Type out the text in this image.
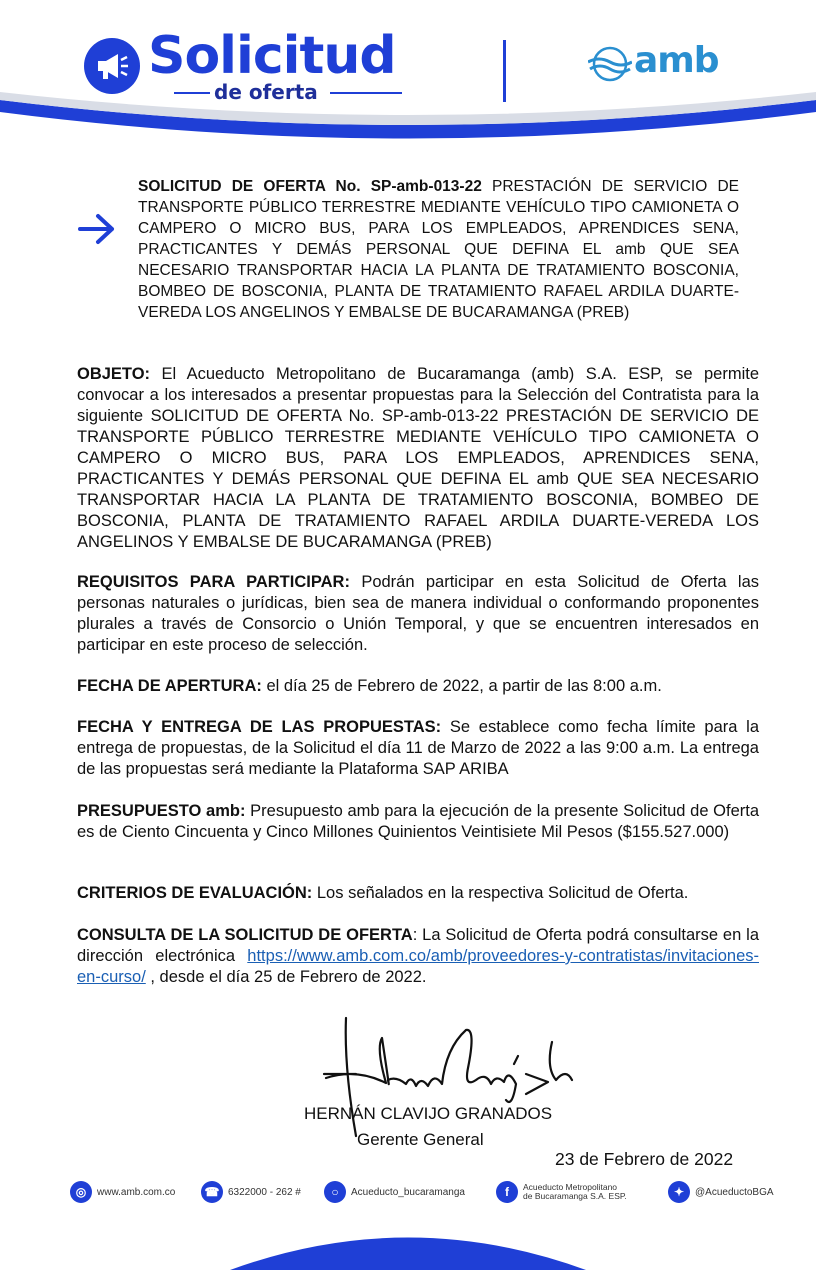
Solicitud
de oferta
amb
SOLICITUD DE OFERTA No. SP-amb-013-22 PRESTACIÓN DE SERVICIO DE TRANSPORTE PÚBLICO TERRESTRE MEDIANTE VEHÍCULO TIPO CAMIONETA O CAMPERO O MICRO BUS, PARA LOS EMPLEADOS, APRENDICES SENA, PRACTICANTES Y DEMÁS PERSONAL QUE DEFINA EL amb QUE SEA NECESARIO TRANSPORTAR HACIA LA PLANTA DE TRATAMIENTO BOSCONIA, BOMBEO DE BOSCONIA, PLANTA DE TRATAMIENTO RAFAEL ARDILA DUARTE-VEREDA LOS ANGELINOS Y EMBALSE DE BUCARAMANGA (PREB)
OBJETO: El Acueducto Metropolitano de Bucaramanga (amb) S.A. ESP, se permite convocar a los interesados a presentar propuestas para la Selección del Contratista para la siguiente SOLICITUD DE OFERTA No. SP-amb-013-22 PRESTACIÓN DE SERVICIO DE TRANSPORTE PÚBLICO TERRESTRE MEDIANTE VEHÍCULO TIPO CAMIONETA O CAMPERO O MICRO BUS, PARA LOS EMPLEADOS, APRENDICES SENA, PRACTICANTES Y DEMÁS PERSONAL QUE DEFINA EL amb QUE SEA NECESARIO TRANSPORTAR HACIA LA PLANTA DE TRATAMIENTO BOSCONIA, BOMBEO DE BOSCONIA, PLANTA DE TRATAMIENTO RAFAEL ARDILA DUARTE-VEREDA LOS ANGELINOS Y EMBALSE DE BUCARAMANGA (PREB)
REQUISITOS PARA PARTICIPAR: Podrán participar en esta Solicitud de Oferta las personas naturales o jurídicas, bien sea de manera individual o conformando proponentes plurales a través de Consorcio o Unión Temporal, y que se encuentren interesados en participar en este proceso de selección.
FECHA DE APERTURA: el día 25 de Febrero de 2022, a partir de las 8:00 a.m.
FECHA Y ENTREGA DE LAS PROPUESTAS: Se establece como fecha límite para la entrega de propuestas, de la Solicitud el día 11 de Marzo de 2022 a las 9:00 a.m. La entrega de las propuestas será mediante la Plataforma SAP ARIBA
PRESUPUESTO amb: Presupuesto amb para la ejecución de la presente Solicitud de Oferta es de Ciento Cincuenta y Cinco Millones Quinientos Veintisiete Mil Pesos ($155.527.000)
CRITERIOS DE EVALUACIÓN: Los señalados en la respectiva Solicitud de Oferta.
CONSULTA DE LA SOLICITUD DE OFERTA: La Solicitud de Oferta podrá consultarse en la dirección electrónica https://www.amb.com.co/amb/proveedores-y-contratistas/invitaciones-en-curso/ , desde el día 25 de Febrero de 2022.
HERNÁN CLAVIJO GRANADOS
Gerente General
23 de Febrero de 2022
◎	www.amb.com.co ☎ 6322000 - 262 #	○	Acueducto_bucaramanga	f	Acueducto Metropolitano
de Bucaramanga S.A. ESP.	✦	@AcueductoBGA
